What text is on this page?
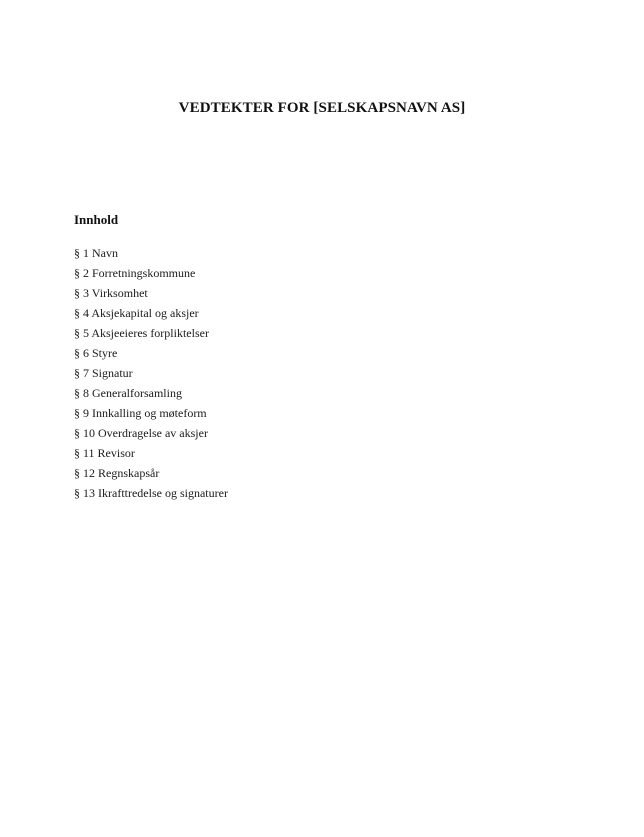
VEDTEKTER FOR [SELSKAPSNAVN AS]
Innhold
§ 1 Navn
§ 2 Forretningskommune
§ 3 Virksomhet
§ 4 Aksjekapital og aksjer
§ 5 Aksjeeieres forpliktelser
§ 6 Styre
§ 7 Signatur
§ 8 Generalforsamling
§ 9 Innkalling og møteform
§ 10 Overdragelse av aksjer
§ 11 Revisor
§ 12 Regnskapsår
§ 13 Ikrafttredelse og signaturer
